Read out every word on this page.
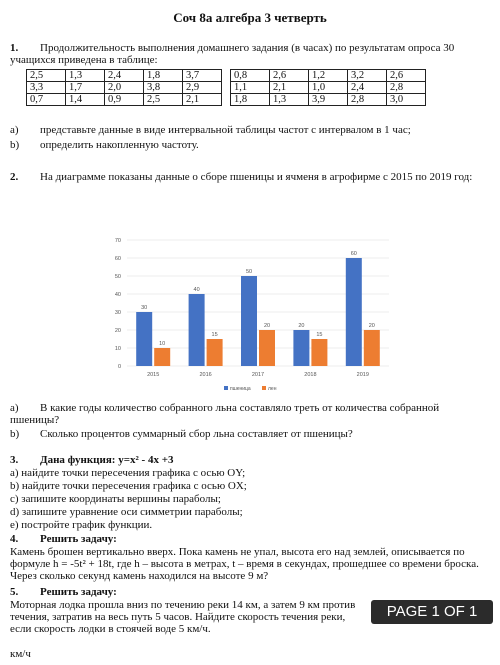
Соч 8а алгебра 3 четверть
1. Продолжительность выполнения домашнего задания (в часах) по результатам опроса 30 учащихся приведена в таблице:
2,5	1,3	2,4	1,8	3,7		0,8	2,6	1,2	3,2	2,6
3,3	1,7	2,0	3,8	2,9		1,1	2,1	1,0	2,4	2,8
0,7	1,4	0,9	2,5	2,1		1,8	1,3	3,9	2,8	3,0
a) представьте данные в виде интервальной таблицы частот с интервалом в 1 час;
b) определить накопленную частоту.
2. На диаграмме показаны данные о сборе пшеницы и ячменя в агрофирме с 2015 по 2019 год:
0
10
20
30
40
50
60
70
30
10
2015
40
15
2016
50
20
2017
20
15
2018
60
20
2019
пшеница	лен
a) В какие годы количество собранного льна составляло треть от количества собранной пшеницы?
b) Сколько процентов суммарный сбор льна составляет от пшеницы?
3. Дана функция: y=x² - 4x +3
a) найдите точки пересечения графика с осью OY;
b) найдите точки пересечения графика с осью OX;
c) запишите координаты вершины параболы;
d) запишите уравнение оси симметрии параболы;
e) постройте график функции.
4. Решить задачу:
Камень брошен вертикально вверх. Пока камень не упал, высота его над землей, описывается по формуле h = -5t² + 18t, где h – высота в метрах, t – время в секундах, прошедшее со времени броска. Через сколько секунд камень находился на высоте 9 м?
5. Решить задачу:
Моторная лодка прошла вниз по течению реки 14 км, а затем 9 км против течения, затратив на весь путь 5 часов. Найдите скорость течения реки, если скорость лодки в стоячей воде 5 км/ч.
км/ч
PAGE 1 OF 1
